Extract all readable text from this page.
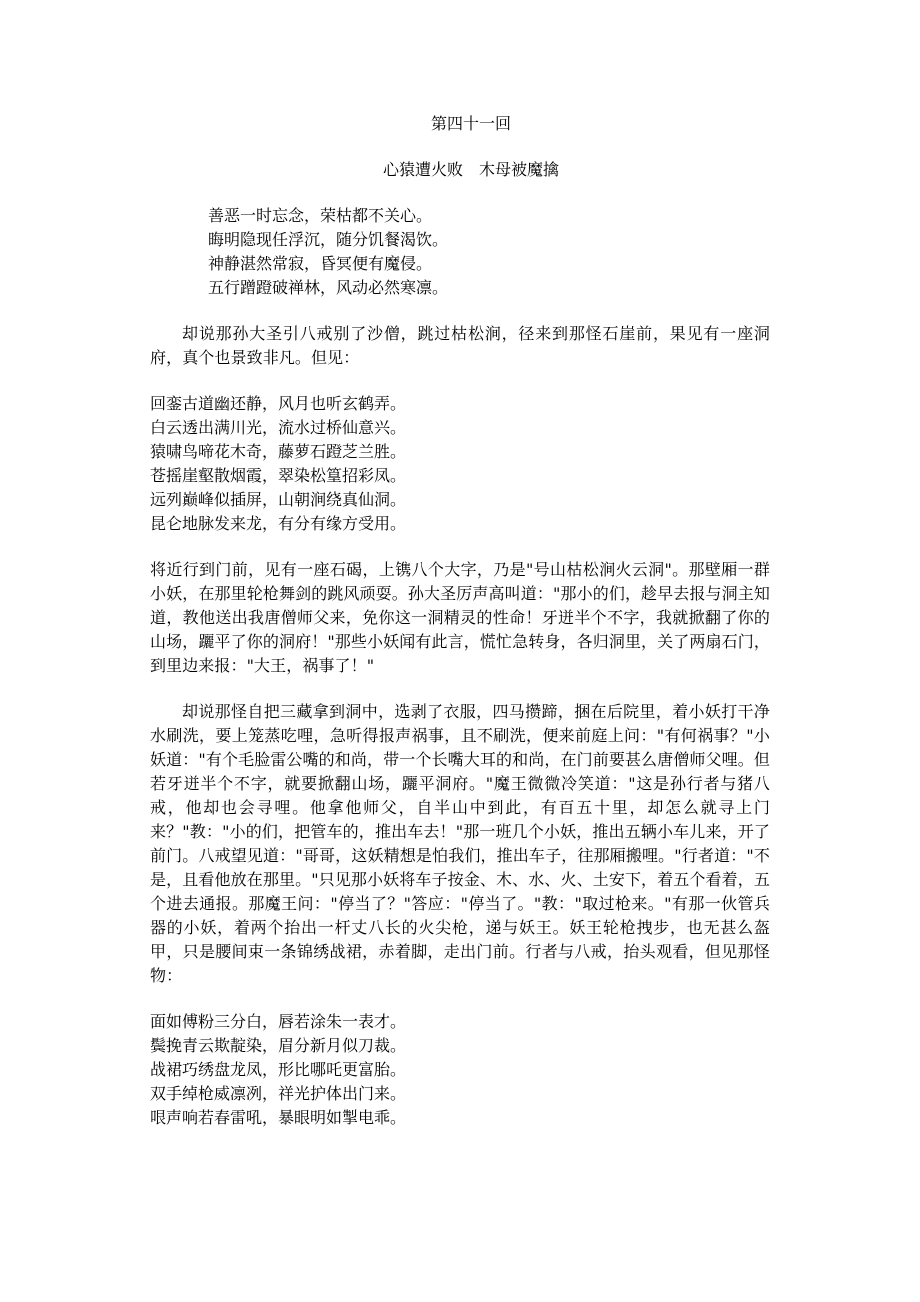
第四十一回
心猿遭火败　木母被魔擒
善恶一时忘念，荣枯都不关心。
晦明隐现任浮沉，随分饥餐渴饮。
神静湛然常寂，昏冥便有魔侵。
五行蹭蹬破禅林，风动必然寒凛。

却说那孙大圣引八戒别了沙僧，跳过枯松涧，径来到那怪石崖前，果见有一座洞府，真个也景致非凡。但见：

回銮古道幽还静，风月也听玄鹤弄。
白云透出满川光，流水过桥仙意兴。
猿啸鸟啼花木奇，藤萝石蹬芝兰胜。
苍摇崖壑散烟霞，翠染松篁招彩凤。
远列巅峰似插屏，山朝涧绕真仙洞。
昆仑地脉发来龙，有分有缘方受用。

将近行到门前，见有一座石碣，上镌八个大字，乃是"号山枯松涧火云洞"。那壁厢一群小妖，在那里轮枪舞剑的跳风顽耍。孙大圣厉声高叫道："那小的们，趁早去报与洞主知道，教他送出我唐僧师父来，免你这一洞精灵的性命！牙迸半个不字，我就掀翻了你的山场，躧平了你的洞府！"那些小妖闻有此言，慌忙急转身，各归洞里，关了两扇石门，到里边来报："大王，祸事了！"

却说那怪自把三藏拿到洞中，选剥了衣服，四马攒蹄，捆在后院里，着小妖打干净水刷洗，要上笼蒸吃哩，急听得报声祸事，且不刷洗，便来前庭上问："有何祸事？"小妖道："有个毛脸雷公嘴的和尚，带一个长嘴大耳的和尚，在门前要甚么唐僧师父哩。但若牙迸半个不字，就要掀翻山场，躧平洞府。"魔王微微冷笑道："这是孙行者与猪八戒，他却也会寻哩。他拿他师父，自半山中到此，有百五十里，却怎么就寻上门来？"教："小的们，把管车的，推出车去！"那一班几个小妖，推出五辆小车儿来，开了前门。八戒望见道："哥哥，这妖精想是怕我们，推出车子，往那厢搬哩。"行者道："不是，且看他放在那里。"只见那小妖将车子按金、木、水、火、土安下，着五个看着，五个进去通报。那魔王问："停当了？"答应："停当了。"教："取过枪来。"有那一伙管兵器的小妖，着两个抬出一杆丈八长的火尖枪，递与妖王。妖王轮枪拽步，也无甚么盔甲，只是腰间束一条锦绣战裙，赤着脚，走出门前。行者与八戒，抬头观看，但见那怪物：

面如傅粉三分白，唇若涂朱一表才。
鬓挽青云欺靛染，眉分新月似刀裁。
战裙巧绣盘龙凤，形比哪吒更富胎。
双手绰枪威凛冽，祥光护体出门来。
哏声响若春雷吼，暴眼明如掣电乖。
